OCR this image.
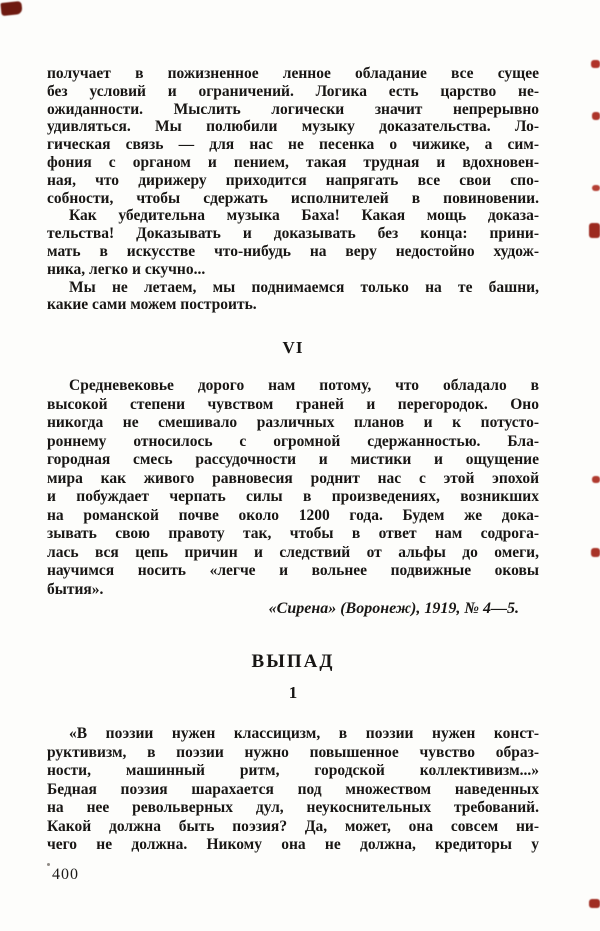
получает в пожизненное ленное обладание все сущее
без условий и ограничений. Логика есть царство не-
ожиданности. Мыслить логически значит непрерывно
удивляться. Мы полюбили музыку доказательства. Ло-
гическая связь — для нас не песенка о чижике, а сим-
фония с органом и пением, такая трудная и вдохновен-
ная, что дирижеру приходится напрягать все свои спо-
собности, чтобы сдержать исполнителей в повиновении.
Как убедительна музыка Баха! Какая мощь доказа-
тельства! Доказывать и доказывать без конца: прини-
мать в искусстве что-нибудь на веру недостойно худож-
ника, легко и скучно...
Мы не летаем, мы поднимаемся только на те башни,
какие сами можем построить.
VI
Средневековье дорого нам потому, что обладало в
высокой степени чувством граней и перегородок. Оно
никогда не смешивало различных планов и к потусто-
роннему относилось с огромной сдержанностью. Бла-
городная смесь рассудочности и мистики и ощущение
мира как живого равновесия роднит нас с этой эпохой
и побуждает черпать силы в произведениях, возникших
на романской почве около 1200 года. Будем же дока-
зывать свою правоту так, чтобы в ответ нам содрога-
лась вся цепь причин и следствий от альфы до омеги,
научимся носить «легче и вольнее подвижные оковы
бытия».
«Сирена» (Воронеж), 1919, № 4—5.
ВЫПАД
1
«В поэзии нужен классицизм, в поэзии нужен конст-
руктивизм, в поэзии нужно повышенное чувство образ-
ности, машинный ритм, городской коллективизм...»
Бедная поэзия шарахается под множеством наведенных
на нее револьверных дул, неукоснительных требований.
Какой должна быть поэзия? Да, может, она совсем ни-
чего не должна. Никому она не должна, кредиторы у
400
